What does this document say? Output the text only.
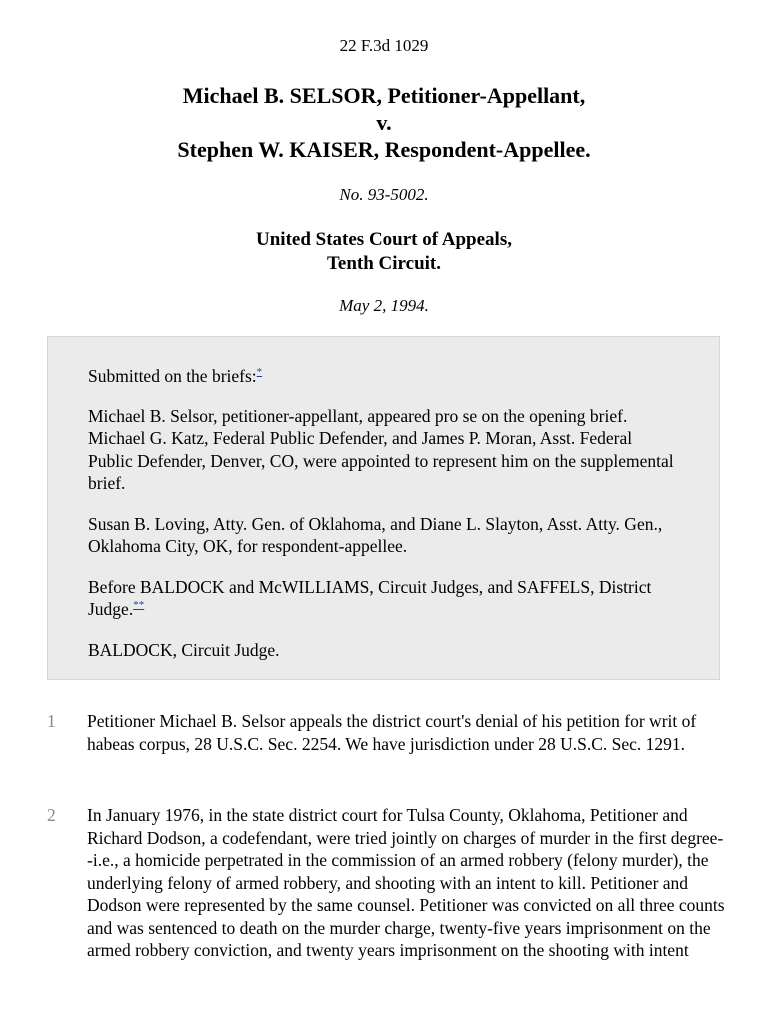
22 F.3d 1029
Michael B. SELSOR, Petitioner-Appellant,
v.
Stephen W. KAISER, Respondent-Appellee.
No. 93-5002.
United States Court of Appeals,
Tenth Circuit.
May 2, 1994.

Submitted on the briefs:*

Michael B. Selsor, petitioner-appellant, appeared pro se on the opening brief. Michael G. Katz, Federal Public Defender, and James P. Moran, Asst. Federal Public Defender, Denver, CO, were appointed to represent him on the supplemental brief.

Susan B. Loving, Atty. Gen. of Oklahoma, and Diane L. Slayton, Asst. Atty. Gen., Oklahoma City, OK, for respondent-appellee.

Before BALDOCK and McWILLIAMS, Circuit Judges, and SAFFELS, District Judge.**

BALDOCK, Circuit Judge.

1 Petitioner Michael B. Selsor appeals the district court's denial of his petition for writ of habeas corpus, 28 U.S.C. Sec. 2254. We have jurisdiction under 28 U.S.C. Sec. 1291.
2 In January 1976, in the state district court for Tulsa County, Oklahoma, Petitioner and Richard Dodson, a codefendant, were tried jointly on charges of murder in the first degree--i.e., a homicide perpetrated in the commission of an armed robbery (felony murder), the underlying felony of armed robbery, and shooting with an intent to kill. Petitioner and Dodson were represented by the same counsel. Petitioner was convicted on all three counts and was sentenced to death on the murder charge, twenty-five years imprisonment on the armed robbery conviction, and twenty years imprisonment on the shooting with intent
